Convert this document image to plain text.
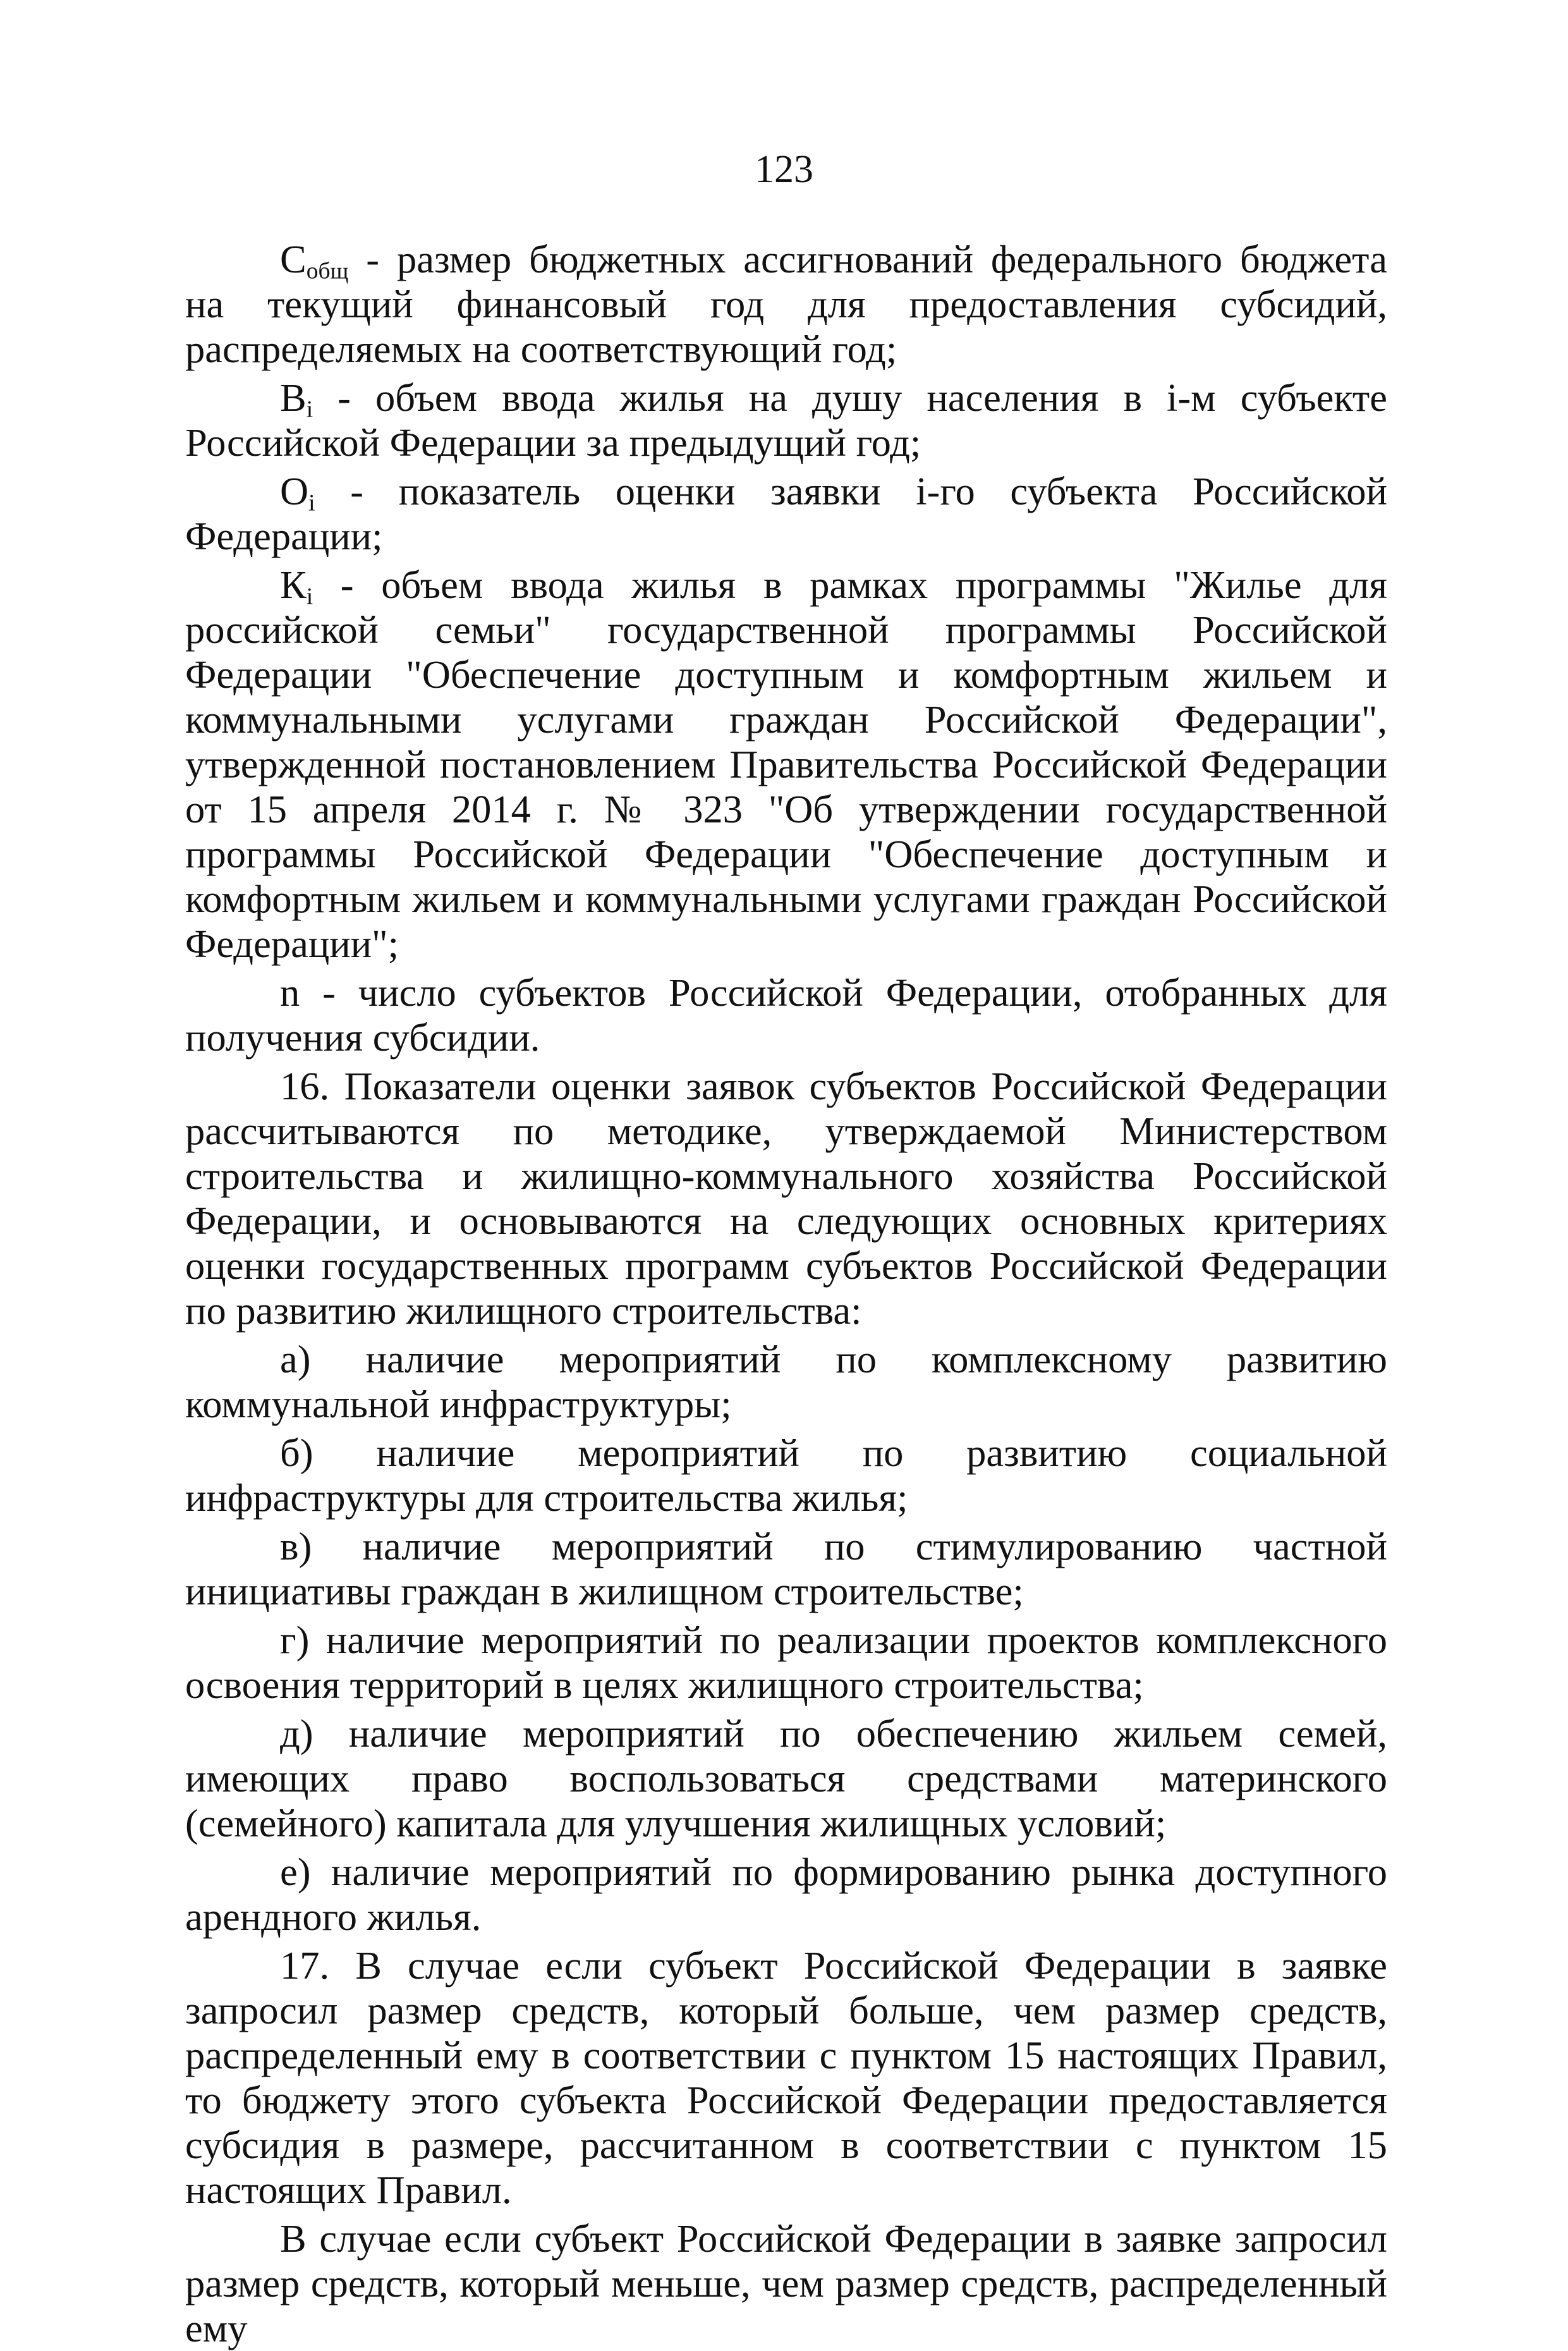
123

$С_{общ}$ - размер бюджетных ассигнований федерального бюджета на текущий финансовый год для предоставления субсидий, распределяемых на соответствующий год;

$В_i$ - объем ввода жилья на душу населения в i-м субъекте Российской Федерации за предыдущий год;

$О_i$ - показатель оценки заявки i-го субъекта Российской Федерации;

$К_i$ - объем ввода жилья в рамках программы "Жилье для российской семьи" государственной программы Российской Федерации "Обеспечение доступным и комфортным жильем и коммунальными услугами граждан Российской Федерации", утвержденной постановлением Правительства Российской Федерации от 15 апреля 2014 г. № 323 "Об утверждении государственной программы Российской Федерации "Обеспечение доступным и комфортным жильем и коммунальными услугами граждан Российской Федерации";

n - число субъектов Российской Федерации, отобранных для получения субсидии.

16. Показатели оценки заявок субъектов Российской Федерации рассчитываются по методике, утверждаемой Министерством строительства и жилищно-коммунального хозяйства Российской Федерации, и основываются на следующих основных критериях оценки государственных программ субъектов Российской Федерации по развитию жилищного строительства:

а) наличие мероприятий по комплексному развитию коммунальной инфраструктуры;

б) наличие мероприятий по развитию социальной инфраструктуры для строительства жилья;

в) наличие мероприятий по стимулированию частной инициативы граждан в жилищном строительстве;

г) наличие мероприятий по реализации проектов комплексного освоения территорий в целях жилищного строительства;

д) наличие мероприятий по обеспечению жильем семей, имеющих право воспользоваться средствами материнского (семейного) капитала для улучшения жилищных условий;

е) наличие мероприятий по формированию рынка доступного арендного жилья.

17. В случае если субъект Российской Федерации в заявке запросил размер средств, который больше, чем размер средств, распределенный ему в соответствии с пунктом 15 настоящих Правил, то бюджету этого субъекта Российской Федерации предоставляется субсидия в размере, рассчитанном в соответствии с пунктом 15 настоящих Правил.

В случае если субъект Российской Федерации в заявке запросил размер средств, который меньше, чем размер средств, распределенный ему
